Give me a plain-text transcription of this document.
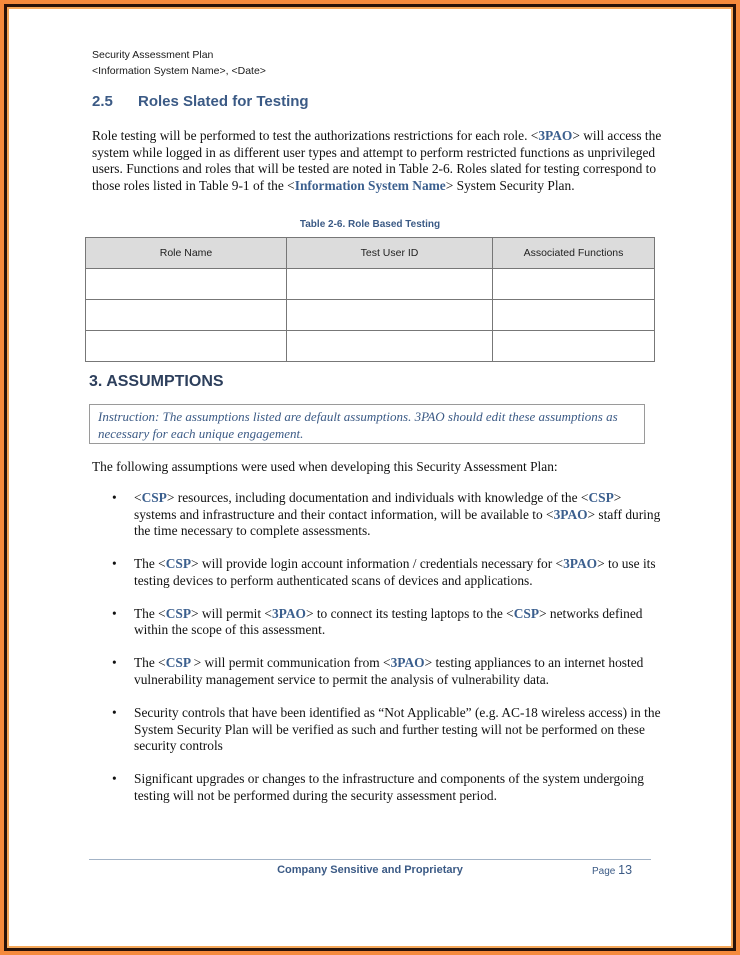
Security Assessment Plan
<Information System Name>, <Date>
2.5 Roles Slated for Testing
Role testing will be performed to test the authorizations restrictions for each role. <3PAO> will access the system while logged in as different user types and attempt to perform restricted functions as unprivileged users. Functions and roles that will be tested are noted in Table 2-6. Roles slated for testing correspond to those roles listed in Table 9-1 of the <Information System Name> System Security Plan.
Table 2-6. Role Based Testing
Role Name	Test User ID	Associated Functions

3. ASSUMPTIONS
Instruction: The assumptions listed are default assumptions. 3PAO should edit these assumptions as necessary for each unique engagement.
The following assumptions were used when developing this Security Assessment Plan:
• <CSP> resources, including documentation and individuals with knowledge of the <CSP> systems and infrastructure and their contact information, will be available to <3PAO> staff during the time necessary to complete assessments.
• The <CSP> will provide login account information / credentials necessary for <3PAO> to use its testing devices to perform authenticated scans of devices and applications.
• The <CSP> will permit <3PAO> to connect its testing laptops to the <CSP> networks defined within the scope of this assessment.
• The <CSP > will permit communication from <3PAO> testing appliances to an internet hosted vulnerability management service to permit the analysis of vulnerability data.
• Security controls that have been identified as “Not Applicable” (e.g. AC-18 wireless access) in the System Security Plan will be verified as such and further testing will not be performed on these security controls
• Significant upgrades or changes to the infrastructure and components of the system undergoing testing will not be performed during the security assessment period.
Company Sensitive and Proprietary	Page 13
